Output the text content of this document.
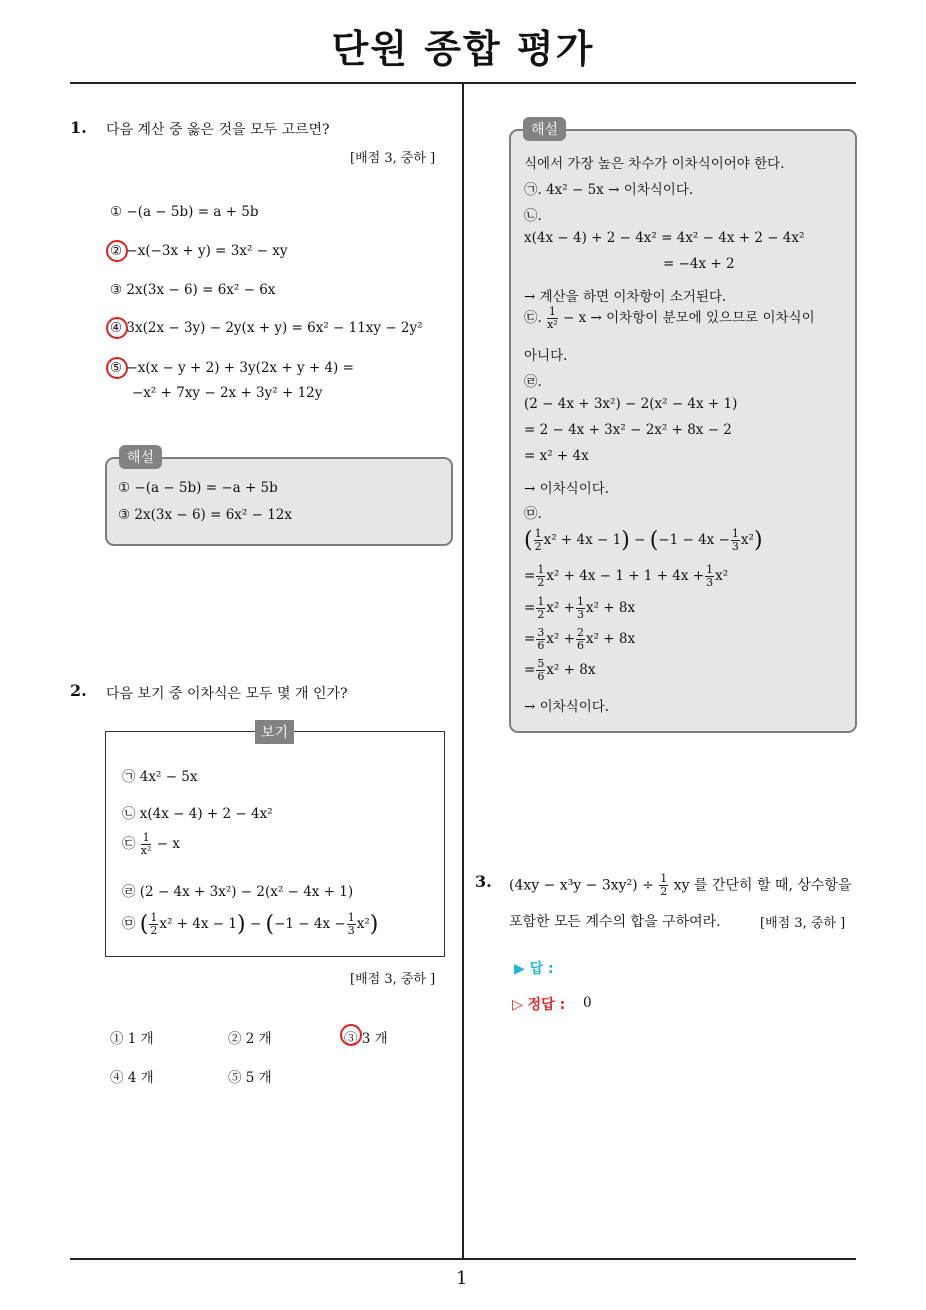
단원 종합 평가
1. 다음 계산 중 옳은 것을 모두 고르면?
[배점 3, 중하 ]
① −(a − 5b) = a + 5b
② −x(−3x + y) = 3x² − xy
③ 2x(3x − 6) = 6x² − 6x
④ 3x(2x − 3y) − 2y(x + y) = 6x² − 11xy − 2y²
⑤ −x(x − y + 2) + 3y(2x + y + 4) =
−x² + 7xy − 2x + 3y² + 12y
해설
① −(a − 5b) = −a + 5b
③ 2x(3x − 6) = 6x² − 12x
2. 다음 보기 중 이차식은 모두 몇 개 인가?
보기
㉠ 4x² − 5x
㉡ x(4x − 4) + 2 − 4x²
㉢ $\frac{1}{\text{x²}} - x$
㉣ (2 − 4x + 3x²) − 2(x² − 4x + 1)
㉤ ( $\frac{1}{2} x^2 + 4x - 1) - (-1 - 4x - \frac{1}{3} x^2)$
[배점 3, 중하 ]
① 1 개	② 2 개	③ 3 개
④ 4 개	⑤ 5 개
해설
식에서 가장 높은 차수가 이차식이어야 한다.
㉠. 4x² − 5x → 이차식이다.
㉡.
x(4x − 4) + 2 − 4x² = 4x² − 4x + 2 − 4x²
= −4x + 2
→ 계산을 하면 이차항이 소거된다.
㉢. $\frac{1}{\text{x²}} - x$ → 이차항이 분모에 있으므로 이차식이
아니다.
㉣.
(2 − 4x + 3x²) − 2(x² − 4x + 1)
= 2 − 4x + 3x² − 2x² + 8x − 2
= x² + 4x
→ 이차식이다.
㉤.
( $\frac{1}{2} x^2 + 4x - 1) - (-1 - 4x - \frac{1}{3} x^2)$
= $\frac{1}{2} x^2 + 4x - 1 + 1 + 4x + \frac{1}{3} x^2$
= $\frac{1}{2} x^2 + \frac{1}{3} x^2 + 8x$
= $\frac{3}{6} x^2 + \frac{2}{6} x^2 + 8x$
= $\frac{5}{6} x^2 + 8x$
→ 이차식이다.
3. $(4xy - x^3y - 3xy^2) \div \frac{1}{2}$ xy 를 간단히 할 때, 상수항을
포함한 모든 계수의 합을 구하여라.	[배점 3, 중하 ]
▶ 답 :
▷ 정답 : 0
1
